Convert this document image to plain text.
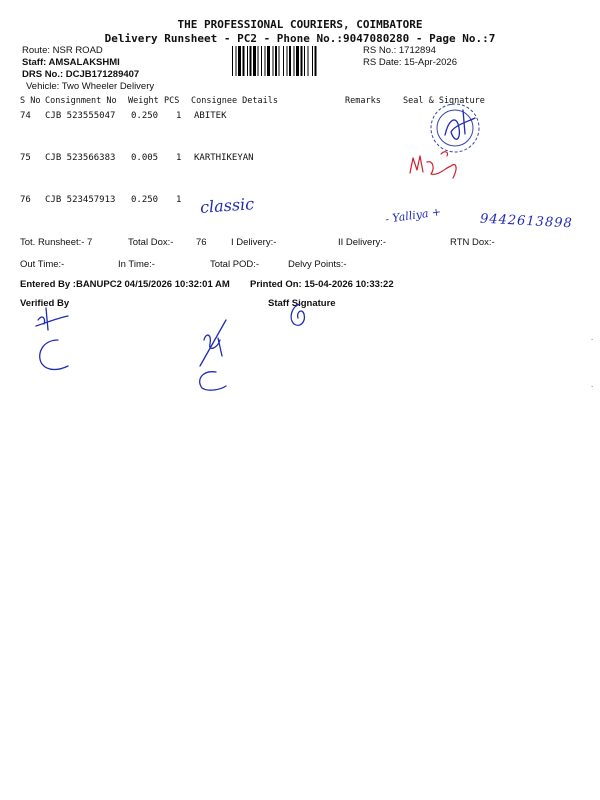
THE PROFESSIONAL COURIERS, COIMBATORE
Delivery Runsheet - PC2 - Phone No.:9047080280 - Page No.:7
Route: NSR ROAD
Staff: AMSALAKSHMI
DRS No.: DCJB171289407
Vehicle: Two Wheeler Delivery
RS No.: 1712894
RS Date: 15-Apr-2026
S No Consignment No Weight PCS Consignee Details	Remarks	Seal & Signature
74 CJB 523555047 0.250 1 ABITEK
75 CJB 523566383 0.005 1 KARTHIKEYAN
76 CJB 523457913 0.250 1 classic	- Yalliya +	9442613898
Tot. Runsheet:- 7	Total Dox:- 76	I Delivery:-	II Delivery:-	RTN Dox:-
Out Time:-	In Time:-	Total POD:-	Delvy Points:-
Entered By :BANUPC2 04/15/2026 10:32:01 AM Printed On: 15-04-2026 10:33:22
Verified By	Staff Signature
·
·
